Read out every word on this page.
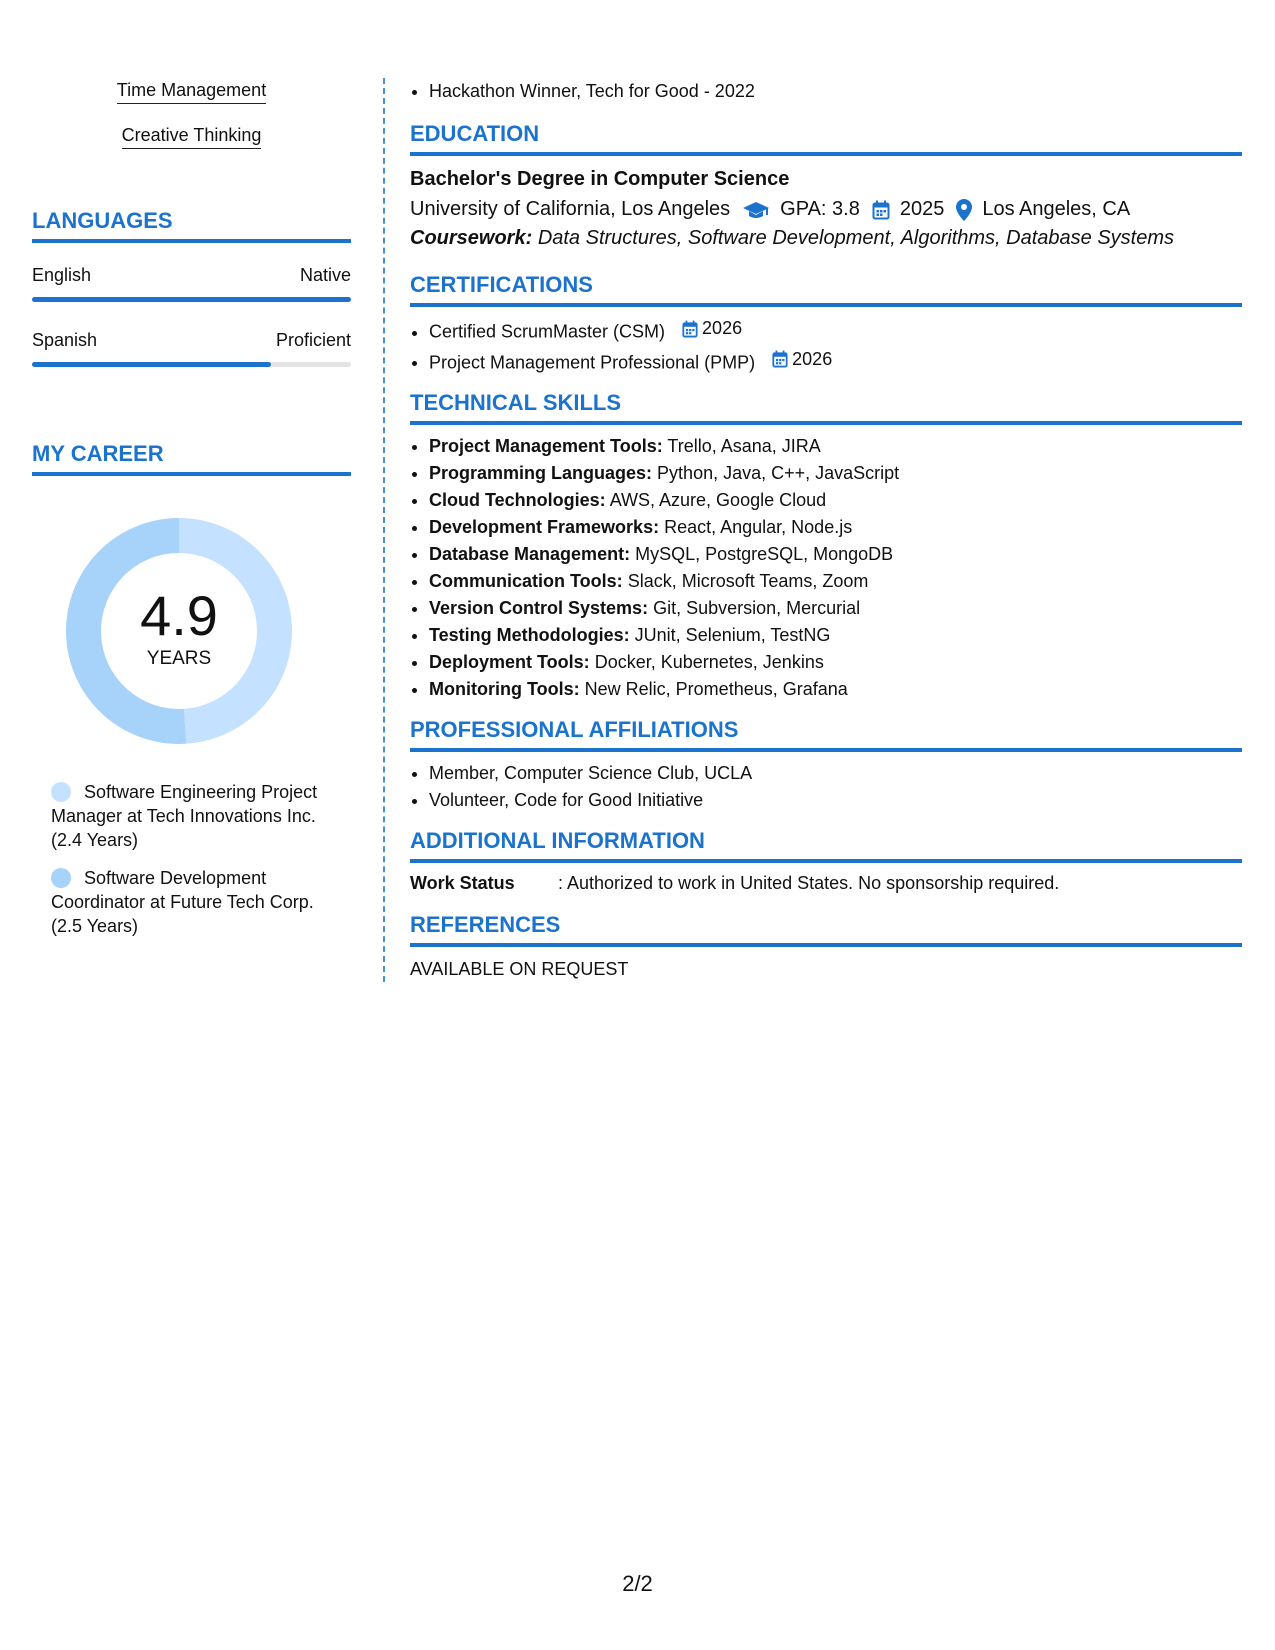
Time Management
Creative Thinking
LANGUAGES
English	Native
Spanish	Proficient
MY CAREER
4.9
YEARS
Software Engineering Project Manager at Tech Innovations Inc. (2.4 Years)
Software Development Coordinator at Future Tech Corp. (2.5 Years)
• Hackathon Winner, Tech for Good - 2022
EDUCATION
Bachelor's Degree in Computer Science
University of California, Los Angeles	GPA: 3.8 2025 Los Angeles, CA
Coursework: Data Structures, Software Development, Algorithms, Database Systems
CERTIFICATIONS
• Certified ScrumMaster (CSM) 2026
• Project Management Professional (PMP) 2026
TECHNICAL SKILLS
• Project Management Tools: Trello, Asana, JIRA
• Programming Languages: Python, Java, C++, JavaScript
• Cloud Technologies: AWS, Azure, Google Cloud
• Development Frameworks: React, Angular, Node.js
• Database Management: MySQL, PostgreSQL, MongoDB
• Communication Tools: Slack, Microsoft Teams, Zoom
• Version Control Systems: Git, Subversion, Mercurial
• Testing Methodologies: JUnit, Selenium, TestNG
• Deployment Tools: Docker, Kubernetes, Jenkins
• Monitoring Tools: New Relic, Prometheus, Grafana
PROFESSIONAL AFFILIATIONS
• Member, Computer Science Club, UCLA
• Volunteer, Code for Good Initiative
ADDITIONAL INFORMATION
Work Status	: Authorized to work in United States. No sponsorship required.
REFERENCES
AVAILABLE ON REQUEST
2/2
